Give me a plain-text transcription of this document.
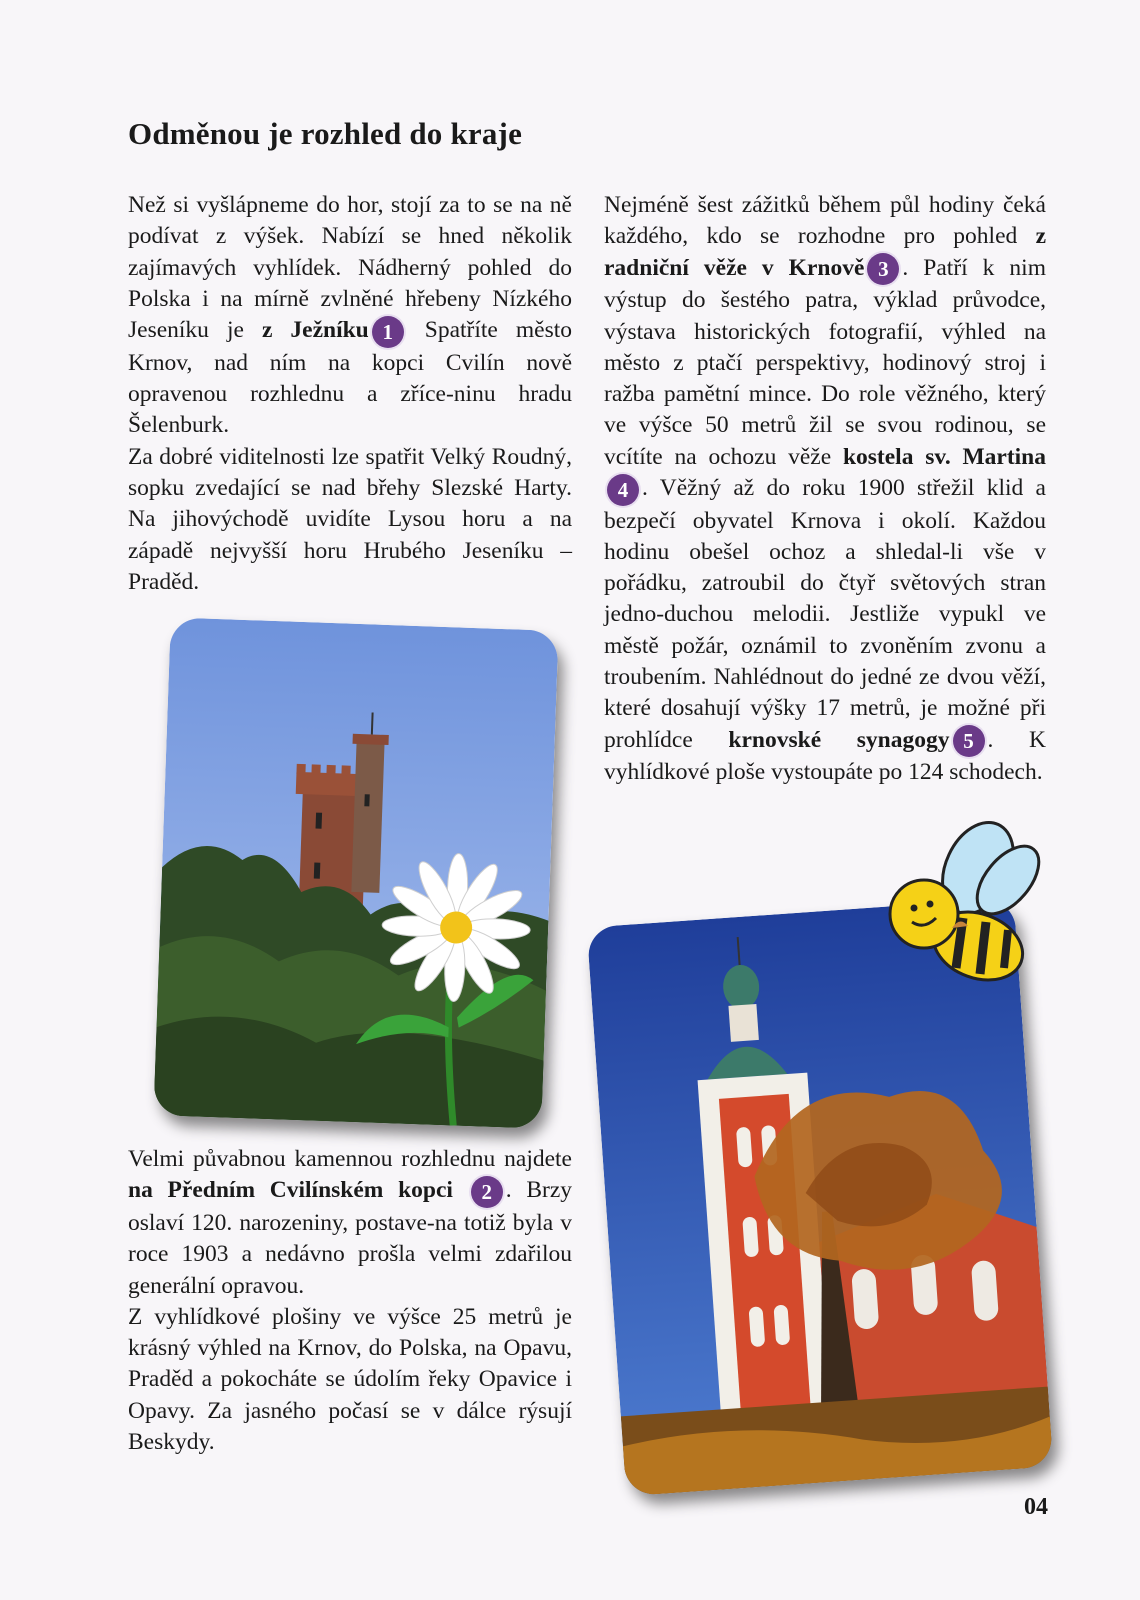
Odměnou je rozhled do kraje

Než si vyšlápneme do hor, stojí za to se na ně podívat z výšek. Nabízí se hned několik zajímavých vyhlídek. Nádherný pohled do Polska i na mírně zvlněné hřebeny Nízkého Jeseníku je z Ježníku 1 Spatříte město Krnov, nad ním na kopci Cvilín nově opravenou rozhlednu a zříce-ninu hradu Šelenburk.

Za dobré viditelnosti lze spatřit Velký Roudný, sopku zvedající se nad břehy Slezské Harty. Na jihovýchodě uvidíte Lysou horu a na západě nejvyšší horu Hrubého Jeseníku – Praděd.

Nejméně šest zážitků během půl hodiny čeká každého, kdo se rozhodne pro pohled z radniční věže v Krnově 3 . Patří k nim výstup do šestého patra, výklad průvodce, výstava historických fotografií, výhled na město z ptačí perspektivy, hodinový stroj i ražba pamětní mince. Do role věžného, který ve výšce 50 metrů žil se svou rodinou, se vcítíte na ochozu věže kostela sv. Martina4 . Věžný až do roku 1900 střežil klid a bezpečí obyvatel Krnova i okolí. Každou hodinu obešel ochoz a shledal-li vše v pořádku, zatroubil do čtyř světových stran jedno-duchou melodii. Jestliže vypukl ve městě požár, oznámil to zvoněním zvonu a troubením. Nahlédnout do jedné ze dvou věží, které dosahují výšky 17 metrů, je možné při prohlídce krnovské synagogy 5 . K vyhlídkové ploše vystoupáte po 124 schodech.

Velmi půvabnou kamennou rozhlednu najdete na Předním Cvilínském kopci 2 . Brzy oslaví 120. narozeniny, postave-na totiž byla v roce 1903 a nedávno prošla velmi zdařilou generální opravou.

Z vyhlídkové plošiny ve výšce 25 metrů je krásný výhled na Krnov, do Polska, na Opavu, Praděd a pokocháte se údolím řeky Opavice i Opavy. Za jasného počasí se v dálce rýsují Beskydy.

04
